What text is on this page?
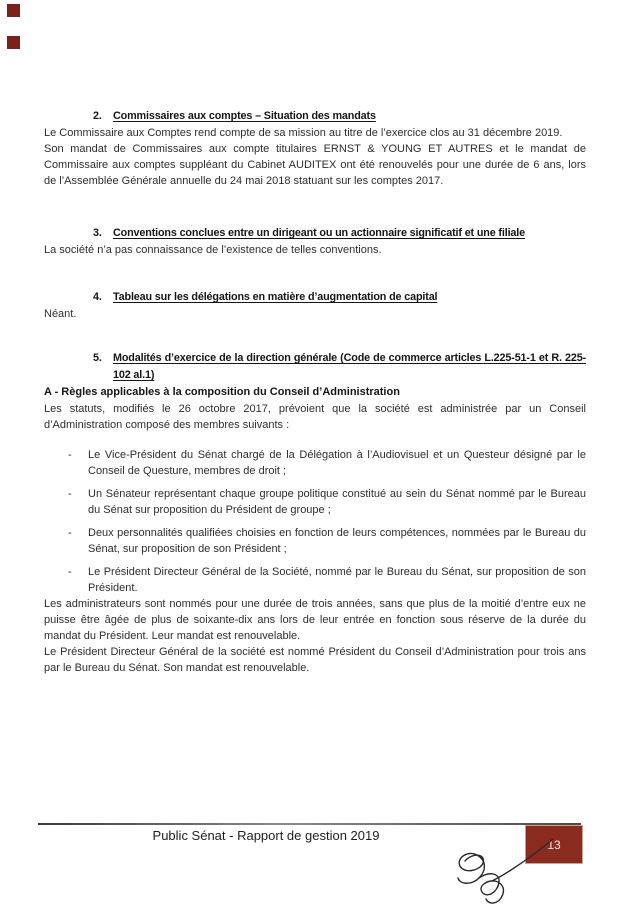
2.	Commissaires aux comptes – Situation des mandats

Le Commissaire aux Comptes rend compte de sa mission au titre de l’exercice clos au 31 décembre 2019.

Son mandat de Commissaires aux compte titulaires ERNST & YOUNG ET AUTRES et le mandat de Commissaire aux comptes suppléant du Cabinet AUDITEX ont été renouvelés pour une durée de 6 ans, lors de l’Assemblée Générale annuelle du 24 mai 2018 statuant sur les comptes 2017.

3.	Conventions conclues entre un dirigeant ou un actionnaire significatif et une filiale

La société n’a pas connaissance de l’existence de telles conventions.

4.	Tableau sur les délégations en matière d’augmentation de capital

Néant.

5.	Modalités d’exercice de la direction générale (Code de commerce articles L.225-51-1 et R. 225-102 al.1)

A - Règles applicables à la composition du Conseil d’Administration

Les statuts, modifiés le 26 octobre 2017, prévoient que la société est administrée par un Conseil d’Administration composé des membres suivants :

-	Le Vice-Président du Sénat chargé de la Délégation à l’Audiovisuel et un Questeur désigné par le Conseil de Questure, membres de droit ;
-	Un Sénateur représentant chaque groupe politique constitué au sein du Sénat nommé par le Bureau du Sénat sur proposition du Président de groupe ;
-	Deux personnalités qualifiées choisies en fonction de leurs compétences, nommées par le Bureau du Sénat, sur proposition de son Président ;
-	Le Président Directeur Général de la Société, nommé par le Bureau du Sénat, sur proposition de son Président.

Les administrateurs sont nommés pour une durée de trois années, sans que plus de la moitié d’entre eux ne puisse être âgée de plus de soixante-dix ans lors de leur entrée en fonction sous réserve de la durée du mandat du Président. Leur mandat est renouvelable.

Le Président Directeur Général de la société est nommé Président du Conseil d’Administration pour trois ans par le Bureau du Sénat. Son mandat est renouvelable.

Public Sénat - Rapport de gestion 2019
13
